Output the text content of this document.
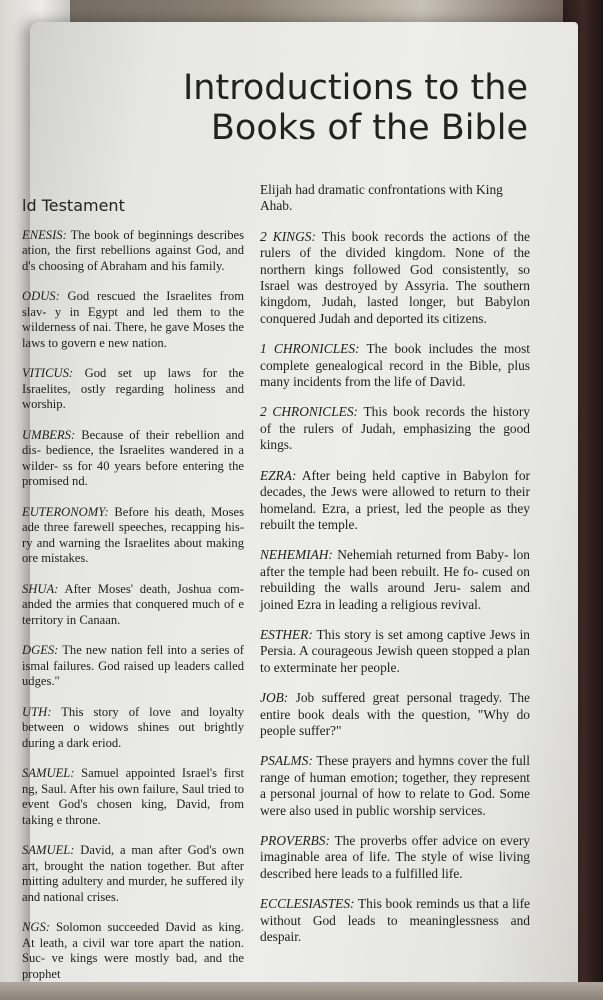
Introductions to the
Books of the Bible
ld Testament

ENESIS: The book of beginnings describes ation, the first rebellions against God, and d's choosing of Abraham and his family.

ODUS: God rescued the Israelites from slav- y in Egypt and led them to the wilderness of nai. There, he gave Moses the laws to govern e new nation.

VITICUS: God set up laws for the Israelites, ostly regarding holiness and worship.

UMBERS: Because of their rebellion and dis- bedience, the Israelites wandered in a wilder- ss for 40 years before entering the promised nd.

EUTERONOMY: Before his death, Moses ade three farewell speeches, recapping his- ry and warning the Israelites about making ore mistakes.

SHUA: After Moses' death, Joshua com- anded the armies that conquered much of e territory in Canaan.

DGES: The new nation fell into a series of ismal failures. God raised up leaders called udges."

UTH: This story of love and loyalty between o widows shines out brightly during a dark eriod.

SAMUEL: Samuel appointed Israel's first ng, Saul. After his own failure, Saul tried to event God's chosen king, David, from taking e throne.

SAMUEL: David, a man after God's own art, brought the nation together. But after mitting adultery and murder, he suffered ily and national crises.

NGS: Solomon succeeded David as king. At leath, a civil war tore apart the nation. Suc- ve kings were mostly bad, and the prophet

Elijah had dramatic confrontations with King Ahab.

2 KINGS: This book records the actions of the rulers of the divided kingdom. None of the northern kings followed God consistently, so Israel was destroyed by Assyria. The southern kingdom, Judah, lasted longer, but Babylon conquered Judah and deported its citizens.

1 CHRONICLES: The book includes the most complete genealogical record in the Bible, plus many incidents from the life of David.

2 CHRONICLES: This book records the history of the rulers of Judah, emphasizing the good kings.

EZRA: After being held captive in Babylon for decades, the Jews were allowed to return to their homeland. Ezra, a priest, led the people as they rebuilt the temple.

NEHEMIAH: Nehemiah returned from Baby- lon after the temple had been rebuilt. He fo- cused on rebuilding the walls around Jeru- salem and joined Ezra in leading a religious revival.

ESTHER: This story is set among captive Jews in Persia. A courageous Jewish queen stopped a plan to exterminate her people.

JOB: Job suffered great personal tragedy. The entire book deals with the question, "Why do people suffer?"

PSALMS: These prayers and hymns cover the full range of human emotion; together, they represent a personal journal of how to relate to God. Some were also used in public worship services.

PROVERBS: The proverbs offer advice on every imaginable area of life. The style of wise living described here leads to a fulfilled life.

ECCLESIASTES: This book reminds us that a life without God leads to meaninglessness and despair.
